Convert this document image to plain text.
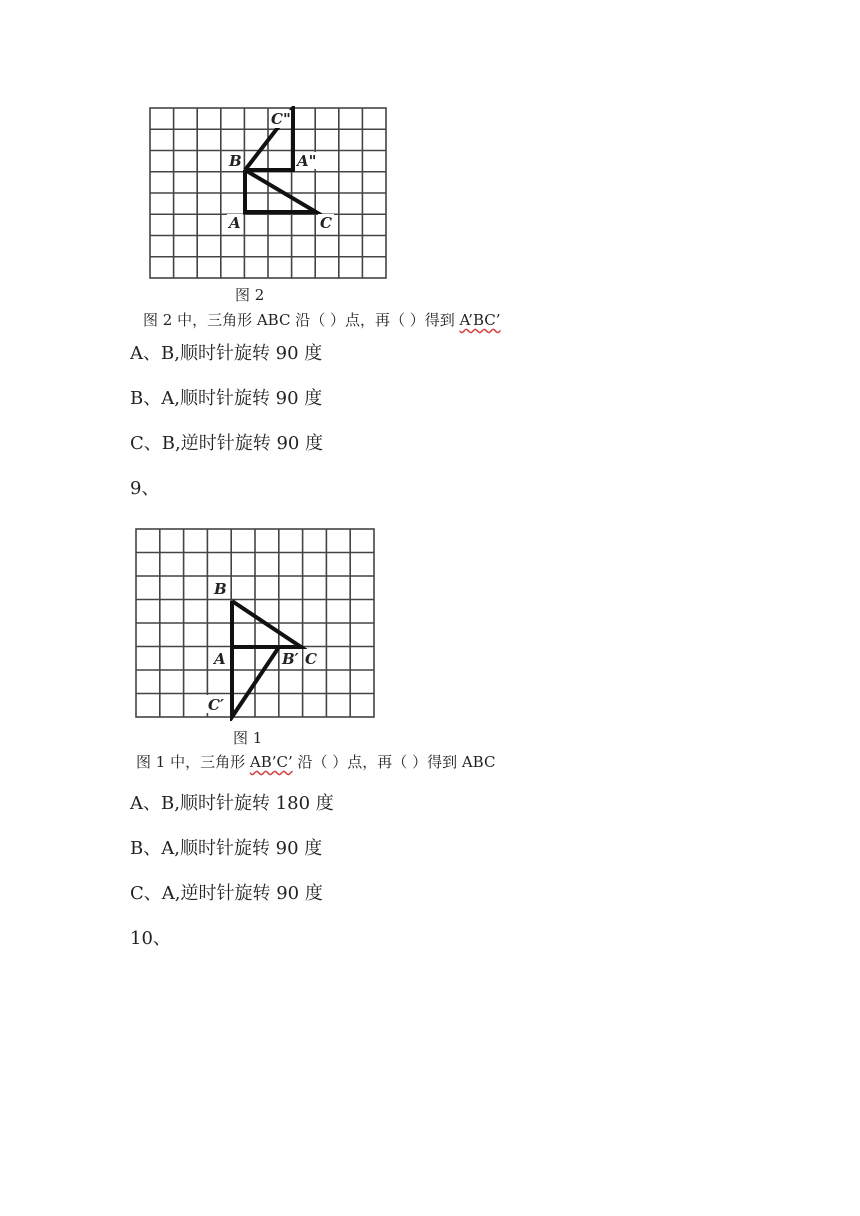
C"
B	A"
A	C
图 2
图 2 中，三角形 ABC 沿（ ）点，再（ ）得到 A’BC’
A、B,顺时针旋转 90 度
B、A,顺时针旋转 90 度
C、B,逆时针旋转 90 度
9、
B
A	B′ C
C′
图 1
图 1 中，三角形 AB’C’ 沿（ ）点，再（ ）得到 ABC
A、B,顺时针旋转 180 度
B、A,顺时针旋转 90 度
C、A,逆时针旋转 90 度
10、
